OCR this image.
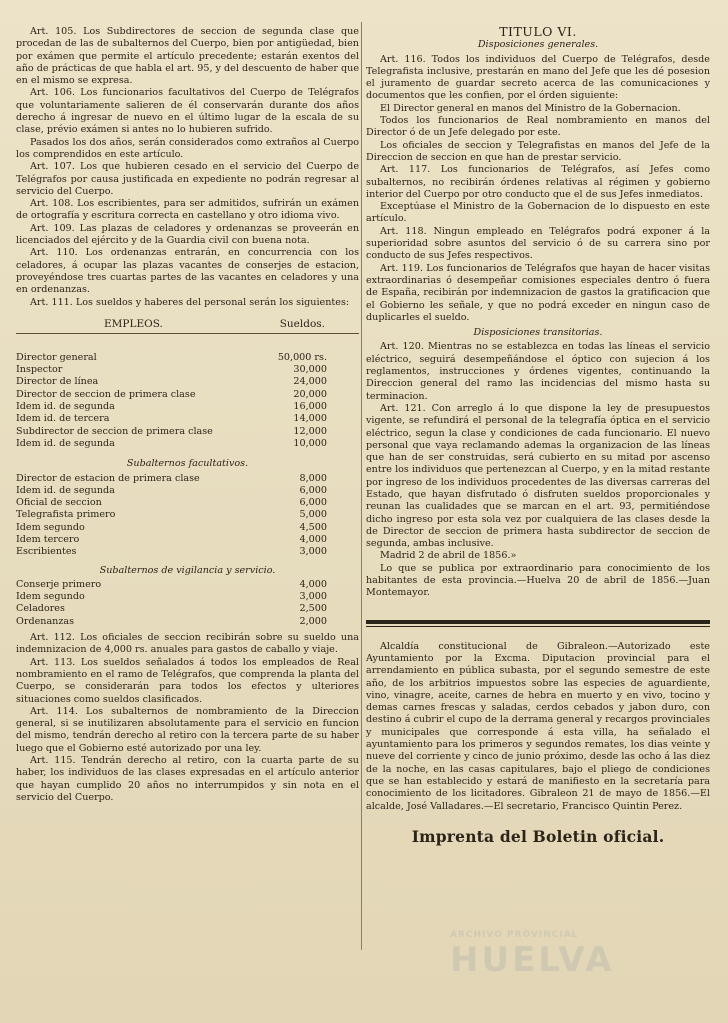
Art. 105. Los Subdirectores de seccion de segunda clase que procedan de las de subalternos del Cuerpo, bien por antigüedad, bien por exámen que permite el artículo precedente; estarán exentos del año de prácticas de que habla el art. 95, y del descuento de haber que en el mismo se expresa.

Art. 106. Los funcionarios facultativos del Cuerpo de Telégrafos que voluntariamente salieren de él conservarán durante dos años derecho á ingresar de nuevo en el último lugar de la escala de su clase, prévio exámen si antes no lo hubieren sufrido.

Pasados los dos años, serán considerados como extraños al Cuerpo los comprendidos en este artículo.

Art. 107. Los que hubieren cesado en el servicio del Cuerpo de Telégrafos por causa justificada en expediente no podrán regresar al servicio del Cuerpo.

Art. 108. Los escribientes, para ser admitidos, sufrirán un exámen de ortografía y escritura correcta en castellano y otro idioma vivo.

Art. 109. Las plazas de celadores y ordenanzas se proveerán en licenciados del ejército y de la Guardia civil con buena nota.

Art. 110. Los ordenanzas entrarán, en concurrencia con los celadores, á ocupar las plazas vacantes de conserjes de estacion, proveyéndose tres cuartas partes de las vacantes en celadores y una en ordenanzas.

Art. 111. Los sueldos y haberes del personal serán los siguientes:

EMPLEOS.	Sueldos.
Director general	50,000 rs.
Inspector	30,000
Director de línea	24,000
Director de seccion de primera clase	20,000
Idem id. de segunda	16,000
Idem id. de tercera	14,000
Subdirector de seccion de primera clase	12,000
Idem id. de segunda	10,000
Subalternos facultativos.
Director de estacion de primera clase	8,000
Idem id. de segunda	6,000
Oficial de seccion	6,000
Telegrafista primero	5,000
Idem segundo	4,500
Idem tercero	4,000
Escribientes	3,000
Subalternos de vigilancia y servicio.
Conserje primero	4,000
Idem segundo	3,000
Celadores	2,500
Ordenanzas	2,000

Art. 112. Los oficiales de seccion recibirán sobre su sueldo una indemnizacion de 4,000 rs. anuales para gastos de caballo y viaje.

Art. 113. Los sueldos señalados á todos los empleados de Real nombramiento en el ramo de Telégrafos, que comprenda la planta del Cuerpo, se considerarán para todos los efectos y ulteriores situaciones como sueldos clasificados.

Art. 114. Los subalternos de nombramiento de la Direccion general, si se inutilizaren absolutamente para el servicio en funcion del mismo, tendrán derecho al retiro con la tercera parte de su haber luego que el Gobierno esté autorizado por una ley.

Art. 115. Tendrán derecho al retiro, con la cuarta parte de su haber, los individuos de las clases expresadas en el artículo anterior que hayan cumplido 20 años no interrumpidos y sin nota en el servicio del Cuerpo.

TITULO VI.
Disposiciones generales.

Art. 116. Todos los individuos del Cuerpo de Telégrafos, desde Telegrafista inclusive, prestarán en mano del Jefe que les dé posesion el juramento de guardar secreto acerca de las comunicaciones y documentos que les confien, por el órden siguiente:

El Director general en manos del Ministro de la Gobernacion.

Todos los funcionarios de Real nombramiento en manos del Director ó de un Jefe delegado por este.

Los oficiales de seccion y Telegrafistas en manos del Jefe de la Direccion de seccion en que han de prestar servicio.

Art. 117. Los funcionarios de Telégrafos, así Jefes como subalternos, no recibirán órdenes relativas al régimen y gobierno interior del Cuerpo por otro conducto que el de sus Jefes inmediatos.

Exceptúase el Ministro de la Gobernacion de lo dispuesto en este artículo.

Art. 118. Ningun empleado en Telégrafos podrá exponer á la superioridad sobre asuntos del servicio ó de su carrera sino por conducto de sus Jefes respectivos.

Art. 119. Los funcionarios de Telégrafos que hayan de hacer visitas extraordinarias ó desempeñar comisiones especiales dentro ó fuera de España, recibirán por indemnizacion de gastos la gratificacion que el Gobierno les señale, y que no podrá exceder en ningun caso de duplicarles el sueldo.

Disposiciones transitorias.

Art. 120. Mientras no se establezca en todas las líneas el servicio eléctrico, seguirá desempeñándose el óptico con sujecion á los reglamentos, instrucciones y órdenes vigentes, continuando la Direccion general del ramo las incidencias del mismo hasta su terminacion.

Art. 121. Con arreglo á lo que dispone la ley de presupuestos vigente, se refundirá el personal de la telegrafía óptica en el servicio eléctrico, segun la clase y condiciones de cada funcionario. El nuevo personal que vaya reclamando ademas la organizacion de las líneas que han de ser construidas, será cubierto en su mitad por ascenso entre los individuos que pertenezcan al Cuerpo, y en la mitad restante por ingreso de los individuos procedentes de las diversas carreras del Estado, que hayan disfrutado ó disfruten sueldos proporcionales y reunan las cualidades que se marcan en el art. 93, permitiéndose dicho ingreso por esta sola vez por cualquiera de las clases desde la de Director de seccion de primera hasta subdirector de seccion de segunda, ambas inclusive.

Madrid 2 de abril de 1856.»

Lo que se publica por extraordinario para conocimiento de los habitantes de esta provincia.—Huelva 20 de abril de 1856.—Juan Montemayor.

Alcaldía constitucional de Gibraleon.—Autorizado este Ayuntamiento por la Excma. Diputacion provincial para el arrendamiento en pública subasta, por el segundo semestre de este año, de los arbitrios impuestos sobre las especies de aguardiente, vino, vinagre, aceite, carnes de hebra en muerto y en vivo, tocino y demas carnes frescas y saladas, cerdos cebados y jabon duro, con destino á cubrir el cupo de la derrama general y recargos provinciales y municipales que corresponde á esta villa, ha señalado el ayuntamiento para los primeros y segundos remates, los dias veinte y nueve del corriente y cinco de junio próximo, desde las ocho á las diez de la noche, en las casas capitulares, bajo el pliego de condiciones que se han establecido y estará de manifiesto en la secretaría para conocimiento de los licitadores. Gibraleon 21 de mayo de 1856.—El alcalde, José Valladares.—El secretario, Francisco Quintin Perez.

Imprenta del Boletin oficial.
ARCHIVO PROVINCIAL
HUELVA
